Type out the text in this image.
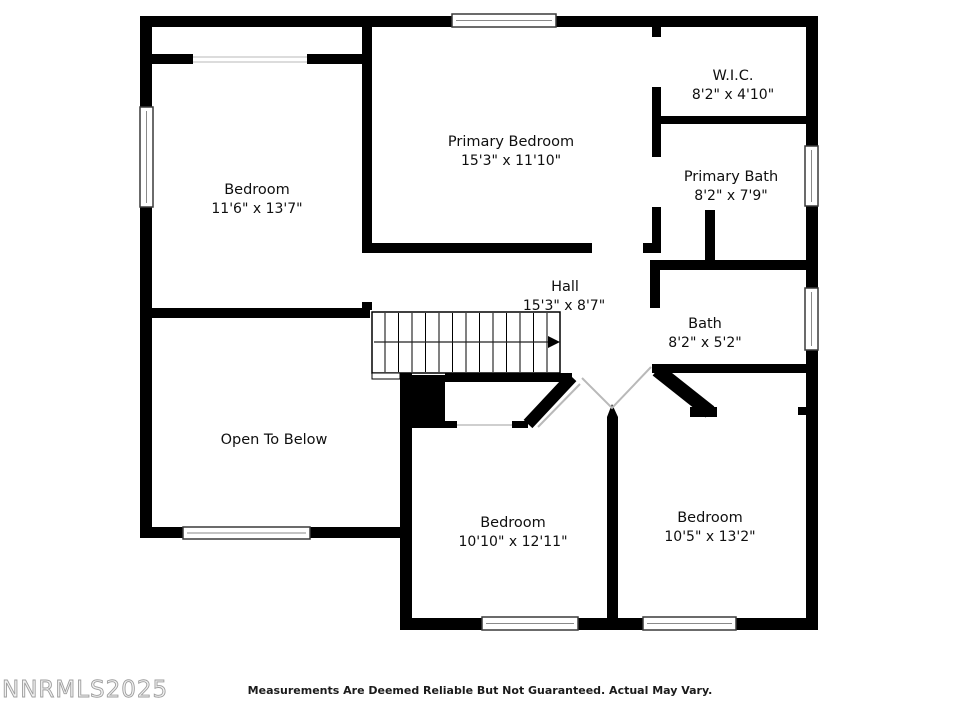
Bedroom
11'6" x 13'7"
Primary Bedroom
15'3" x 11'10"
W.I.C.
8'2" x 4'10"
Primary Bath
8'2" x 7'9"
Hall
15'3" x 8'7"
Bath
8'2" x 5'2"
Open To Below
Bedroom
10'10" x 12'11"
Bedroom
10'5" x 13'2"
NNRMLS2025	Measurements Are Deemed Reliable But Not Guaranteed. Actual May Vary.
